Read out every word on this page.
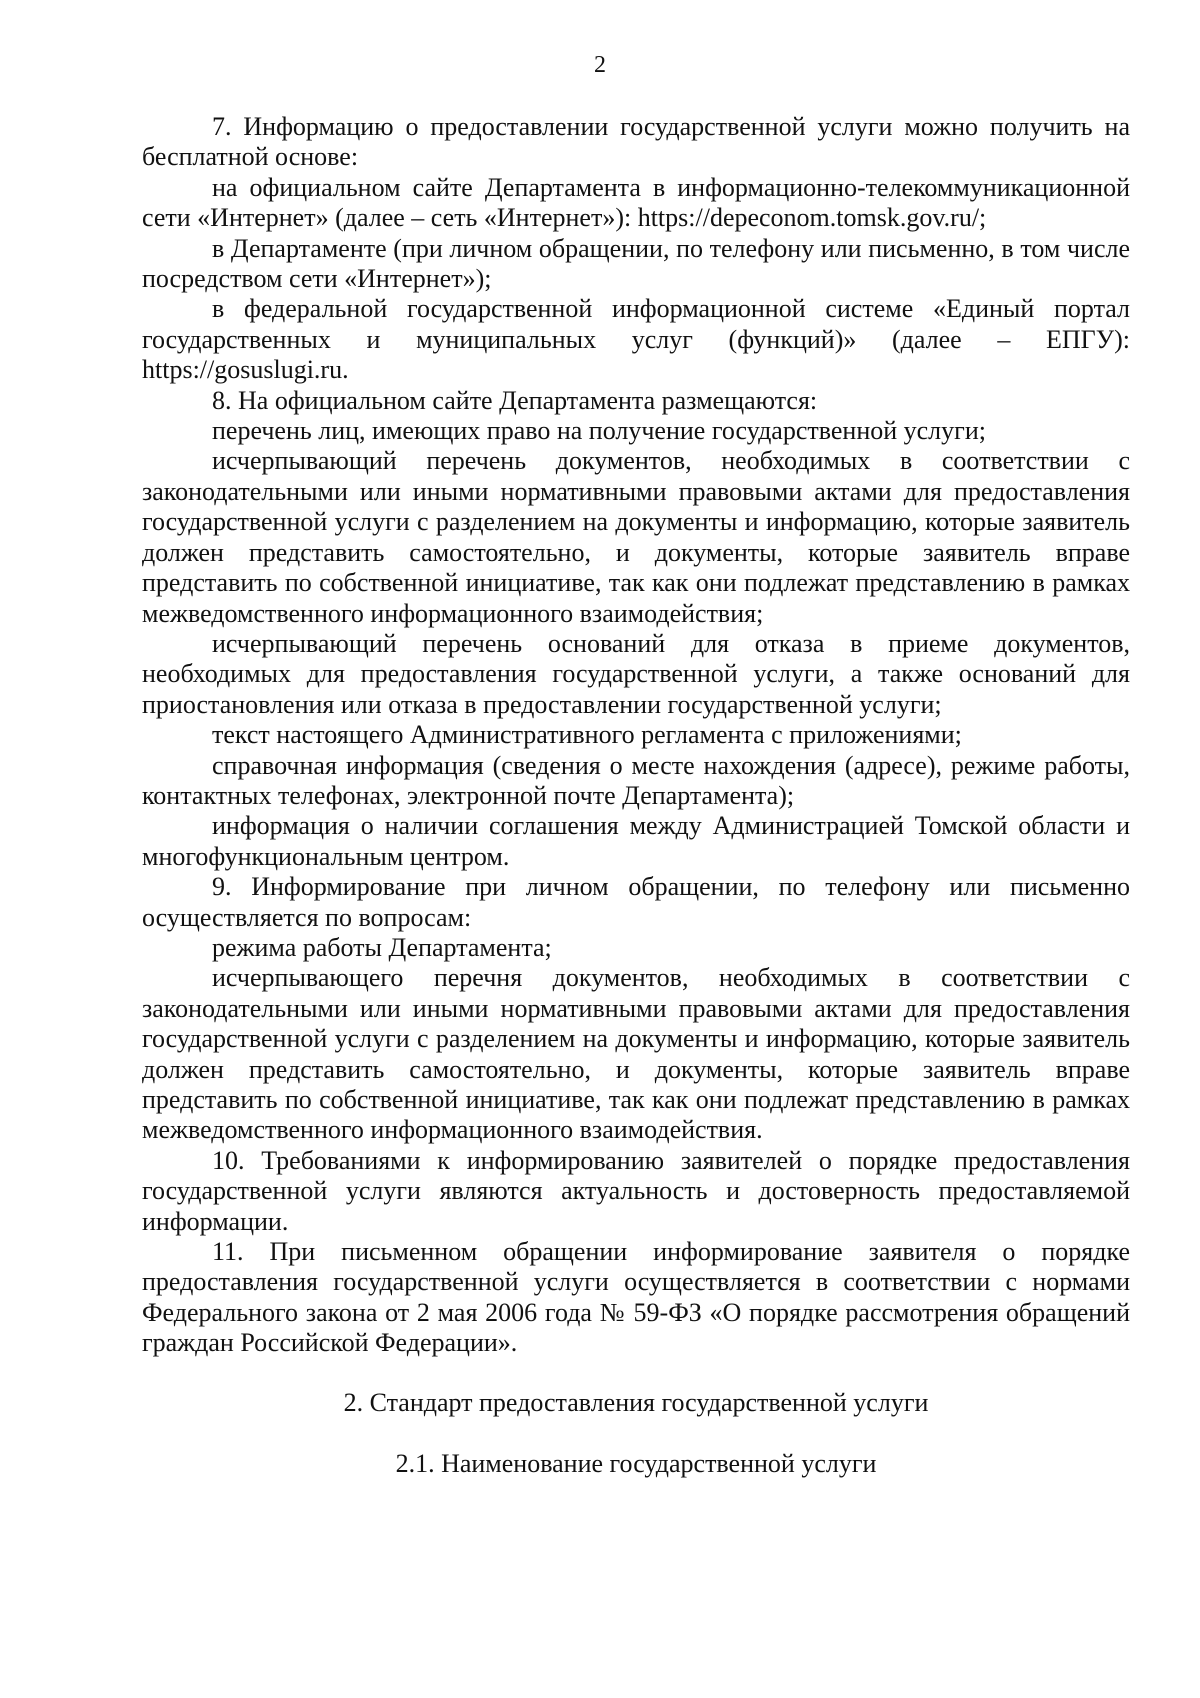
2

7. Информацию о предоставлении государственной услуги можно получить на бесплатной основе:

на официальном сайте Департамента в информационно-телекоммуникационной сети «Интернет» (далее – сеть «Интернет»): https://depeconom.tomsk.gov.ru/;

в Департаменте (при личном обращении, по телефону или письменно, в том числе посредством сети «Интернет»);

в федеральной государственной информационной системе «Единый портал государственных и муниципальных услуг (функций)» (далее – ЕПГУ): https://gosuslugi.ru.

8. На официальном сайте Департамента размещаются:

перечень лиц, имеющих право на получение государственной услуги;

исчерпывающий перечень документов, необходимых в соответствии с законодательными или иными нормативными правовыми актами для предоставления государственной услуги с разделением на документы и информацию, которые заявитель должен представить самостоятельно, и документы, которые заявитель вправе представить по собственной инициативе, так как они подлежат представлению в рамках межведомственного информационного взаимодействия;

исчерпывающий перечень оснований для отказа в приеме документов, необходимых для предоставления государственной услуги, а также оснований для приостановления или отказа в предоставлении государственной услуги;

текст настоящего Административного регламента с приложениями;

справочная информация (сведения о месте нахождения (адресе), режиме работы, контактных телефонах, электронной почте Департамента);

информация о наличии соглашения между Администрацией Томской области и многофункциональным центром.

9. Информирование при личном обращении, по телефону или письменно осуществляется по вопросам:

режима работы Департамента;

исчерпывающего перечня документов, необходимых в соответствии с законодательными или иными нормативными правовыми актами для предоставления государственной услуги с разделением на документы и информацию, которые заявитель должен представить самостоятельно, и документы, которые заявитель вправе представить по собственной инициативе, так как они подлежат представлению в рамках межведомственного информационного взаимодействия.

10. Требованиями к информированию заявителей о порядке предоставления государственной услуги являются актуальность и достоверность предоставляемой информации.

11. При письменном обращении информирование заявителя о порядке предоставления государственной услуги осуществляется в соответствии с нормами Федерального закона от 2 мая 2006 года № 59-ФЗ «О порядке рассмотрения обращений граждан Российской Федерации».

2. Стандарт предоставления государственной услуги

2.1. Наименование государственной услуги
